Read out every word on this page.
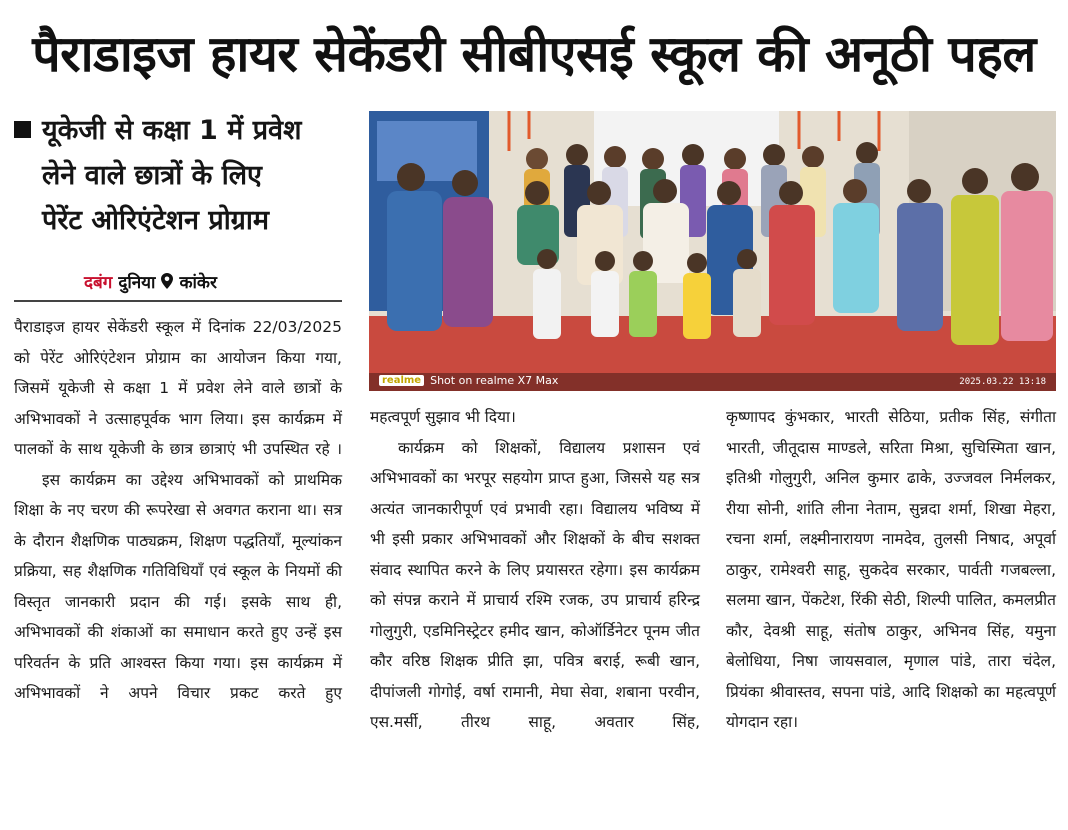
पैराडाइज हायर सेकेंडरी सीबीएसई स्कूल की अनूठी पहल
यूकेजी से कक्षा 1 में प्रवेश
लेने वाले छात्रों के लिए
पेरेंट ओरिएंटेशन प्रोग्राम
दबंग दुनिया कांकेर
realme Shot on realme X7 Max	2025.03.22 13:18
पैराडाइज हायर सेकेंडरी स्कूल में दिनांक 22/03/2025 को पेरेंट ओरिएंटेशन प्रोग्राम का आयोजन किया गया, जिसमें यूकेजी से कक्षा 1 में प्रवेश लेने वाले छात्रों के अभिभावकों ने उत्साहपूर्वक भाग लिया। इस कार्यक्रम में पालकों के साथ यूकेजी के छात्र छात्राएं भी उपस्थित रहे ।
इस कार्यक्रम का उद्देश्य अभिभावकों को प्राथमिक शिक्षा के नए चरण की रूपरेखा से अवगत कराना था। सत्र के दौरान शैक्षणिक पाठ्यक्रम, शिक्षण पद्धतियाँ, मूल्यांकन प्रक्रिया, सह शैक्षणिक गतिविधियाँ एवं स्कूल के नियमों की विस्तृत जानकारी प्रदान की गई। इसके साथ ही, अभिभावकों की शंकाओं का समाधान करते हुए उन्हें इस परिवर्तन के प्रति आश्वस्त किया गया। इस कार्यक्रम में अभिभावकों ने अपने विचार प्रकट करते हुए
महत्वपूर्ण सुझाव भी दिया।
कार्यक्रम को शिक्षकों, विद्यालय प्रशासन एवं अभिभावकों का भरपूर सहयोग प्राप्त हुआ, जिससे यह सत्र अत्यंत जानकारीपूर्ण एवं प्रभावी रहा। विद्यालय भविष्य में भी इसी प्रकार अभिभावकों और शिक्षकों के बीच सशक्त संवाद स्थापित करने के लिए प्रयासरत रहेगा। इस कार्यक्रम को संपन्न कराने में प्राचार्य रश्मि रजक, उप प्राचार्य हरिन्द्र गोलुगुरी, एडमिनिस्ट्रेटर हमीद खान, कोऑर्डिनेटर पूनम जीत कौर वरिष्ठ शिक्षक प्रीति झा, पवित्र बराई, रूबी खान, दीपांजली गोगोई, वर्षा रामानी, मेघा सेवा, शबाना परवीन, एस.मर्सी, तीरथ साहू, अवतार सिंह,
कृष्णापद कुंभकार, भारती सेठिया, प्रतीक सिंह, संगीता भारती, जीतूदास माण्डले, सरिता मिश्रा, सुचिस्मिता खान, इतिश्री गोलुगुरी, अनिल कुमार ढाके, उज्जवल निर्मलकर, रीया सोनी, शांति लीना नेताम, सुन्नदा शर्मा, शिखा मेहरा, रचना शर्मा, लक्ष्मीनारायण नामदेव, तुलसी निषाद, अपूर्वा ठाकुर, रामेश्वरी साहू, सुकदेव सरकार, पार्वती गजबल्ला, सलमा खान, पेंकटेश, रिंकी सेठी, शिल्पी पालित, कमलप्रीत कौर, देवश्री साहू, संतोष ठाकुर, अभिनव सिंह, यमुना बेलोधिया, निषा जायसवाल, मृणाल पांडे, तारा चंदेल, प्रियंका श्रीवास्तव, सपना पांडे, आदि शिक्षको का महत्वपूर्ण योगदान रहा।
